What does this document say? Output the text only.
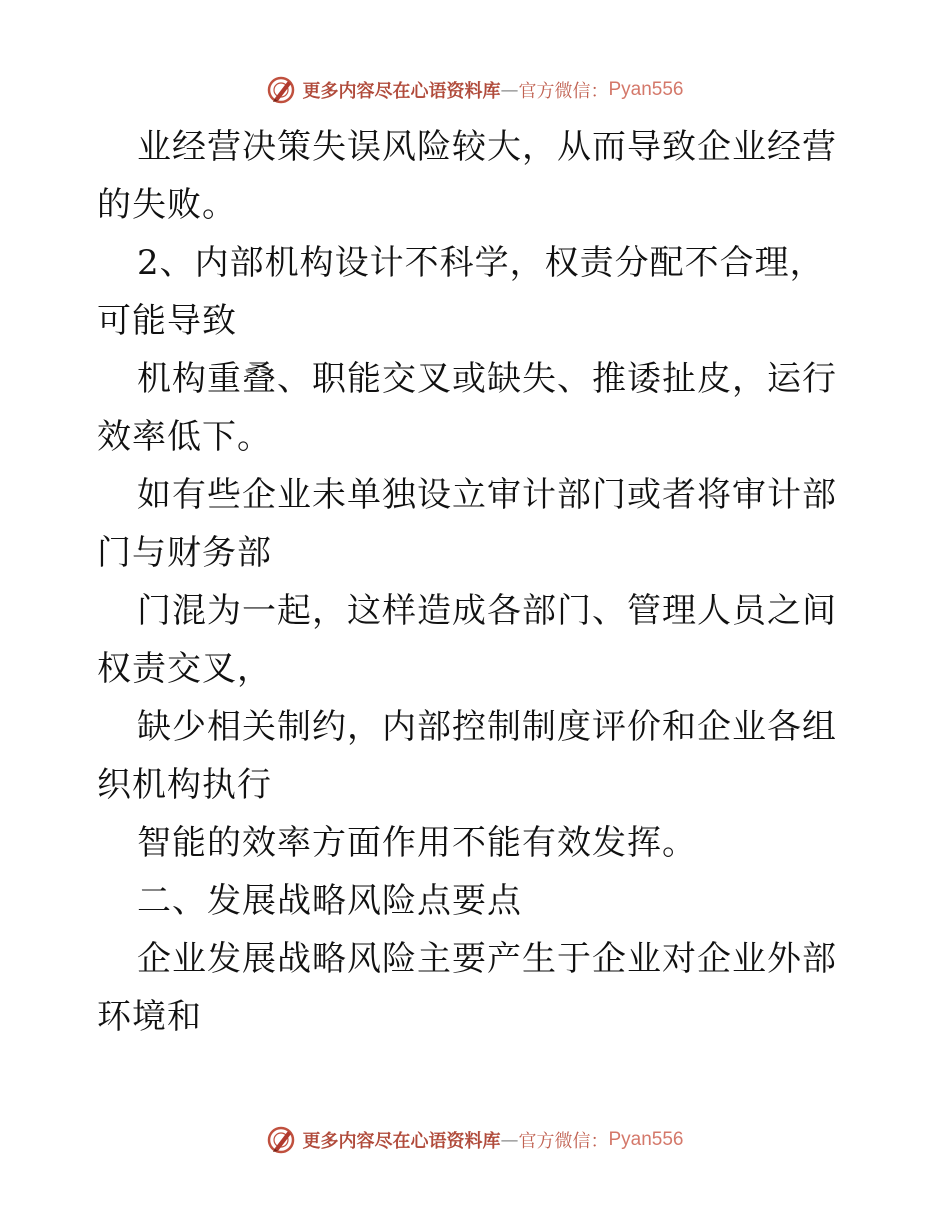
更多内容尽在心语资料库 — 官方微信： Pyan556

业经营决策失误风险较大，从而导致企业经营的失败。

2、内部机构设计不科学，权责分配不合理，可能导致

机构重叠、职能交叉或缺失、推诿扯皮，运行效率低下。

如有些企业未单独设立审计部门或者将审计部门与财务部

门混为一起，这样造成各部门、管理人员之间权责交叉，

缺少相关制约，内部控制制度评价和企业各组织机构执行

智能的效率方面作用不能有效发挥。

二、发展战略风险点要点

企业发展战略风险主要产生于企业对企业外部环境和

更多内容尽在心语资料库 — 官方微信： Pyan556
